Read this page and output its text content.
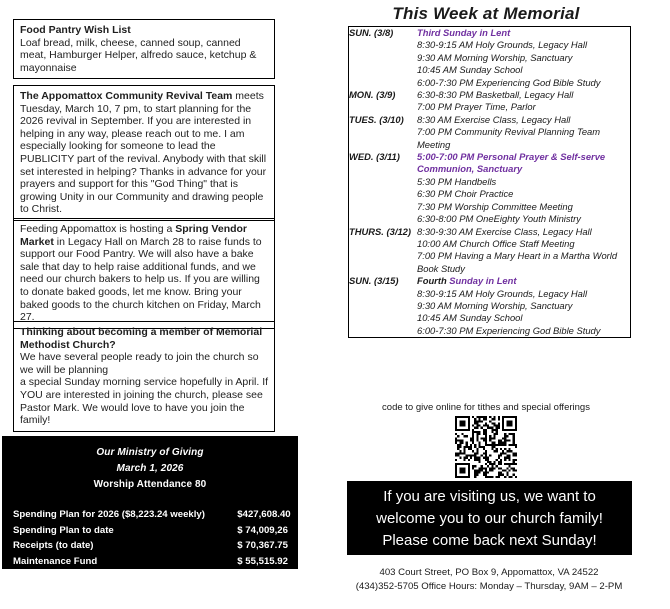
Food Pantry Wish List

Loaf bread, milk, cheese, canned soup, canned meat, Hamburger Helper, alfredo sauce, ketchup & mayonnaise

The Appomattox Community Revival Team meets Tuesday, March 10, 7 pm, to start planning for the 2026 revival in September. If you are interested in helping in any way, please reach out to me. I am especially looking for someone to lead the PUBLICITY part of the revival. Anybody with that skill set interested in helping? Thanks in advance for your prayers and support for this "God Thing" that is growing Unity in our Community and drawing people to Christ.

Feeding Appomattox is hosting a Spring Vendor Market in Legacy Hall on March 28 to raise funds to support our Food Pantry. We will also have a bake sale that day to help raise additional funds, and we need our church bakers to help us. If you are willing to donate baked goods, let me know. Bring your baked goods to the church kitchen on Friday, March 27.

Thinking about becoming a member of Memorial Methodist Church?

We have several people ready to join the church so we will be planning

a special Sunday morning service hopefully in April. If YOU are interested in joining the church, please see Pastor Mark. We would love to have you join the family!

Our Ministry of Giving
March 1, 2026
Worship Attendance 80
Spending Plan for 2026 ($8,223.24 weekly)	$427,608.40
Spending Plan to date	$ 74,009,26
Receipts (to date)	$ 70,367.75
Maintenance Fund	$ 55,515.92
This Week at Memorial
SUN. (3/8)	Third Sunday in Lent
8:30-9:15 AM Holy Grounds, Legacy Hall
9:30 AM Morning Worship, Sanctuary
10:45 AM Sunday School
6:00-7:30 PM Experiencing God Bible Study

MON. (3/9)	6:30-8:30 PM Basketball, Legacy Hall
7:00 PM Prayer Time, Parlor

TUES. (3/10)	8:30 AM Exercise Class, Legacy Hall
7:00 PM Community Revival Planning Team Meeting

WED. (3/11)	5:00-7:00 PM Personal Prayer & Self-serve Communion, Sanctuary
5:30 PM Handbells
6:30 PM Choir Practice
7:30 PM Worship Committee Meeting
6:30-8:00 PM OneEighty Youth Ministry

THURS. (3/12)	8:30-9:30 AM Exercise Class, Legacy Hall
10:00 AM Church Office Staff Meeting
7:00 PM Having a Mary Heart in a Martha World Book Study

SUN. (3/15)	Fourth Sunday in Lent
8:30-9:15 AM Holy Grounds, Legacy Hall
9:30 AM Morning Worship, Sanctuary
10:45 AM Sunday School
6:00-7:30 PM Experiencing God Bible Study
code to give online for tithes and special offerings
If you are visiting us, we want to
welcome you to our church family!
Please come back next Sunday!
403 Court Street, PO Box 9, Appomattox, VA 24522
(434)352-5705 Office Hours: Monday – Thursday, 9AM – 2-PM
